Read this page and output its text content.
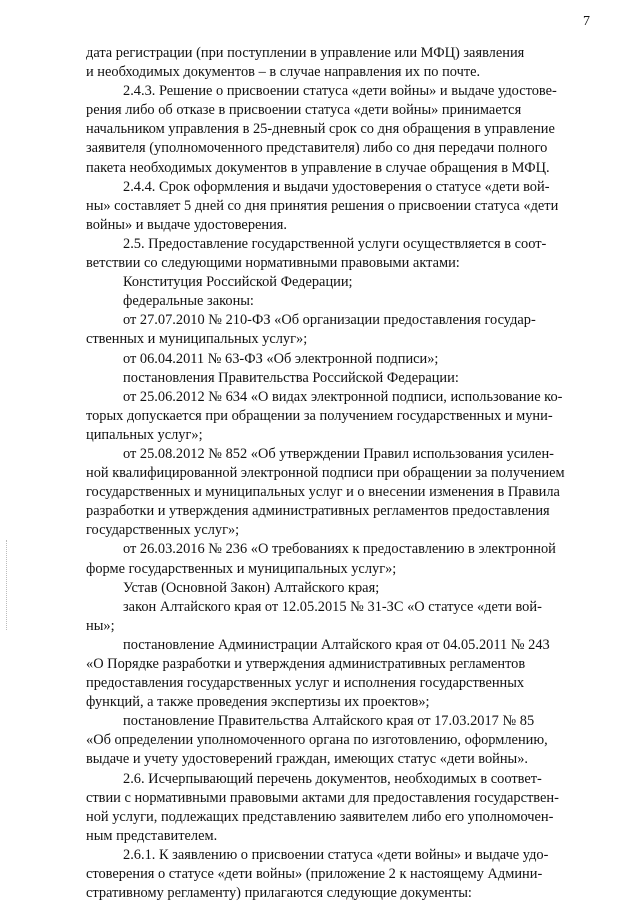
7

дата регистрации (при поступлении в управление или МФЦ) заявления
и необходимых документов – в случае направления их по почте.

2.4.3. Решение о присвоении статуса «дети войны» и выдаче удостове-
рения либо об отказе в присвоении статуса «дети войны» принимается
начальником управления в 25-дневный срок со дня обращения в управление
заявителя (уполномоченного представителя) либо со дня передачи полного
пакета необходимых документов в управление в случае обращения в МФЦ.

2.4.4. Срок оформления и выдачи удостоверения о статусе «дети вой-
ны» составляет 5 дней со дня принятия решения о присвоении статуса «дети
войны» и выдаче удостоверения.

2.5. Предоставление государственной услуги осуществляется в соот-
ветствии со следующими нормативными правовыми актами:

Конституция Российской Федерации;

федеральные законы:

от 27.07.2010 № 210-ФЗ «Об организации предоставления государ-
ственных и муниципальных услуг»;

от 06.04.2011 № 63-ФЗ «Об электронной подписи»;

постановления Правительства Российской Федерации:

от 25.06.2012 № 634 «О видах электронной подписи, использование ко-
торых допускается при обращении за получением государственных и муни-
ципальных услуг»;

от 25.08.2012 № 852 «Об утверждении Правил использования усилен-
ной квалифицированной электронной подписи при обращении за получением
государственных и муниципальных услуг и о внесении изменения в Правила
разработки и утверждения административных регламентов предоставления
государственных услуг»;

от 26.03.2016 № 236 «О требованиях к предоставлению в электронной
форме государственных и муниципальных услуг»;

Устав (Основной Закон) Алтайского края;

закон Алтайского края от 12.05.2015 № 31-ЗС «О статусе «дети вой-
ны»;

постановление Администрации Алтайского края от 04.05.2011 № 243
«О Порядке разработки и утверждения административных регламентов
предоставления государственных услуг и исполнения государственных
функций, а также проведения экспертизы их проектов»;

постановление Правительства Алтайского края от 17.03.2017 № 85
«Об определении уполномоченного органа по изготовлению, оформлению,
выдаче и учету удостоверений граждан, имеющих статус «дети войны».

2.6. Исчерпывающий перечень документов, необходимых в соответ-
ствии с нормативными правовыми актами для предоставления государствен-
ной услуги, подлежащих представлению заявителем либо его уполномочен-
ным представителем.

2.6.1. К заявлению о присвоении статуса «дети войны» и выдаче удо-
стоверения о статусе «дети войны» (приложение 2 к настоящему Админи-
стративному регламенту) прилагаются следующие документы:
